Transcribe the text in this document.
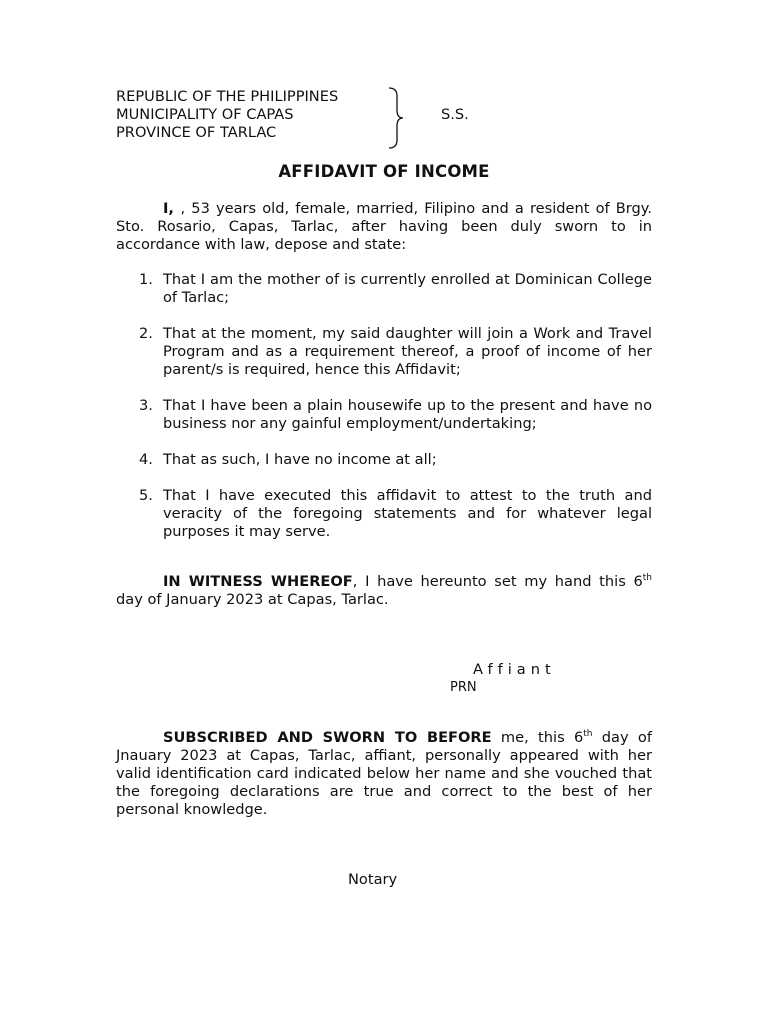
REPUBLIC OF THE PHILIPPINES
MUNICIPALITY OF CAPAS
PROVINCE OF TARLAC
S.S.
AFFIDAVIT OF INCOME
I, , 53 years old, female, married, Filipino and a resident of Brgy. Sto. Rosario, Capas, Tarlac, after having been duly sworn to in accordance with law, depose and state:
1. That I am the mother of is currently enrolled at Dominican College of Tarlac;
2. That at the moment, my said daughter will join a Work and Travel Program and as a requirement thereof, a proof of income of her parent/s is required, hence this Affidavit;
3. That I have been a plain housewife up to the present and have no business nor any gainful employment/undertaking;
4. That as such, I have no income at all;
5. That I have executed this affidavit to attest to the truth and veracity of the foregoing statements and for whatever legal purposes it may serve.
IN WITNESS WHEREOF, I have hereunto set my hand this 6th day of January 2023 at Capas, Tarlac.
Affiant
PRN
SUBSCRIBED AND SWORN TO BEFORE me, this 6th day of Jnauary 2023 at Capas, Tarlac, affiant, personally appeared with her valid identification card indicated below her name and she vouched that the foregoing declarations are true and correct to the best of her personal knowledge.
Notary
